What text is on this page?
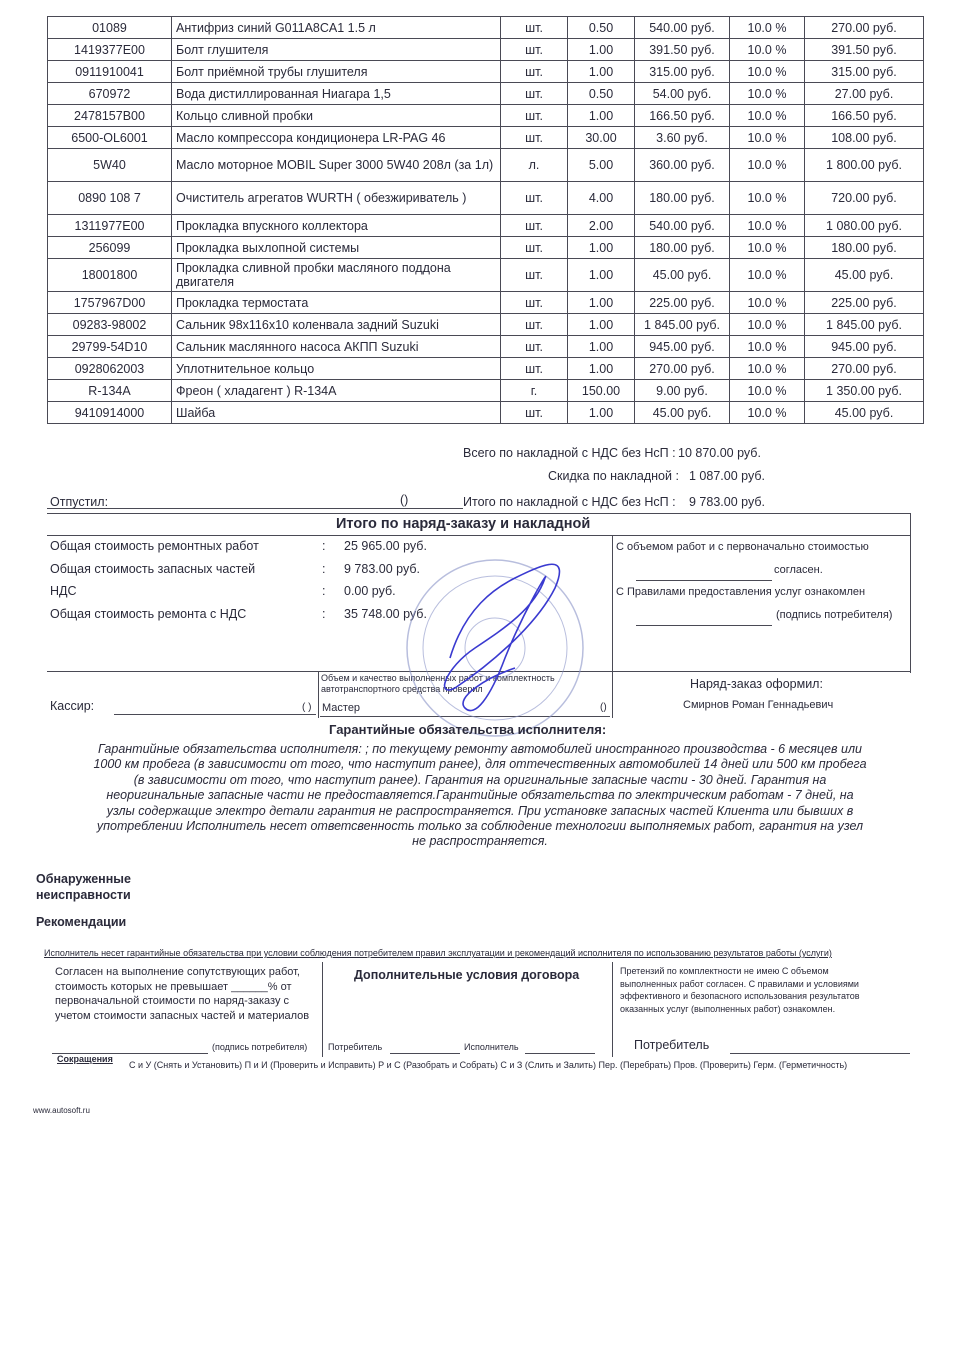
01089	Антифриз синий G011A8CA1 1.5 л	шт.	0.50	540.00 руб.	10.0 %	270.00 руб.
1419377E00	Болт глушителя	шт.	1.00	391.50 руб.	10.0 %	391.50 руб.
0911910041	Болт приёмной трубы глушителя	шт.	1.00	315.00 руб.	10.0 %	315.00 руб.
670972	Вода дистиллированная Ниагара 1,5	шт.	0.50	54.00 руб.	10.0 %	27.00 руб.
2478157B00	Кольцо сливной пробки	шт.	1.00	166.50 руб.	10.0 %	166.50 руб.
6500-OL6001	Масло компрессора кондиционера LR-PAG 46	шт.	30.00	3.60 руб.	10.0 %	108.00 руб.
5W40	Масло моторное MOBIL Super 3000 5W40 208л (за 1л)	л.	5.00	360.00 руб.	10.0 %	1 800.00 руб.
0890 108 7	Очиститель агрегатов WURTH ( обезжириватель )	шт.	4.00	180.00 руб.	10.0 %	720.00 руб.
1311977E00	Прокладка впускного коллектора	шт.	2.00	540.00 руб.	10.0 %	1 080.00 руб.
256099	Прокладка выхлопной системы	шт.	1.00	180.00 руб.	10.0 %	180.00 руб.
18001800	Прокладка сливной пробки масляного поддона двигателя	шт.	1.00	45.00 руб.	10.0 %	45.00 руб.
1757967D00	Прокладка термостата	шт.	1.00	225.00 руб.	10.0 %	225.00 руб.
09283-98002	Сальник 98х116х10 коленвала задний Suzuki	шт.	1.00	1 845.00 руб.	10.0 %	1 845.00 руб.
29799-54D10	Сальник маслянного насоса АКПП Suzuki	шт.	1.00	945.00 руб.	10.0 %	945.00 руб.
0928062003	Уплотнительное кольцо	шт.	1.00	270.00 руб.	10.0 %	270.00 руб.
R-134A	Фреон ( хладагент ) R-134A	г.	150.00	9.00 руб.	10.0 %	1 350.00 руб.
9410914000	Шайба	шт.	1.00	45.00 руб.	10.0 %	45.00 руб.
Всего по накладной с НДС без НсП : 10 870.00 руб.
Скидка по накладной : 1 087.00 руб.
Отпустил:	()	Итого по накладной с НДС без НсП : 9 783.00 руб.
Итого по наряд-заказу и накладной
Общая стоимость ремонтных работ	: 25 965.00 руб.
Общая стоимость запасных частей	: 9 783.00 руб.
НДС	: 0.00 руб.
Общая стоимость ремонта с НДС	: 35 748.00 руб.
С объемом работ и с первоначально стоимостью
согласен.
С Правилами предоставления услуг ознакомлен
(подпись потребителя)
Кассир:	( )
Объем и качество выполненных работ и комплектность автотранспортного средства проверил
Мастер	()
Наряд-заказ оформил:
Смирнов Роман Геннадьевич
Гарантийные обязательства исполнителя:
Гарантийные обязательства исполнителя: ; по текущему ремонту автомобилей иностранного производства - 6 месяцев или
1000 км пробега (в зависимости от того, что наступит ранее), для оттечественных автомобилей 14 дней или 500 км пробега
(в зависимости от того, что наступит ранее). Гарантия на оригинальные запасные части - 30 дней. Гарантия на
неоригинальные запасные части не предоставляется.Гарантийные обязательства по электрическим работам - 7 дней, на
узлы содержащие электро детали гарантия не распространяется. При установке запасных частей Клиента или бывших в
употреблении Исполнитель несет ответсвенность только за соблюдение технологии выполняемых работ, гарантия на узел
не распространяется.
Обнаруженные
неисправности
Рекомендации
Исполнитель несет гарантийные обязательства при условии соблюдения потребителем правил эксплуатации и рекомендаций исполнителя по использованию результатов работы (услуги)
Согласен на выполнение сопутствующих работ,
стоимость которых не превышает ______% от
первоначальной стоимости по наряд-заказу с
учетом стоимости запасных частей и материалов
(подпись потребителя)
Дополнительные условия договора
Потребитель	Исполнитель
Претензий по комплектности не имею С объемом
выполненных работ согласен. С правилами и условиями
эффективного и безопасного использования результатов
оказанных услуг (выполненных работ) ознакомлен.
Потребитель
Сокращения
С и У (Снять и Установить) П и И (Проверить и Исправить) Р и С (Разобрать и Собрать) С и З (Слить и Залить) Пер. (Перебрать) Пров. (Проверить) Герм. (Герметичность)
www.autosoft.ru
